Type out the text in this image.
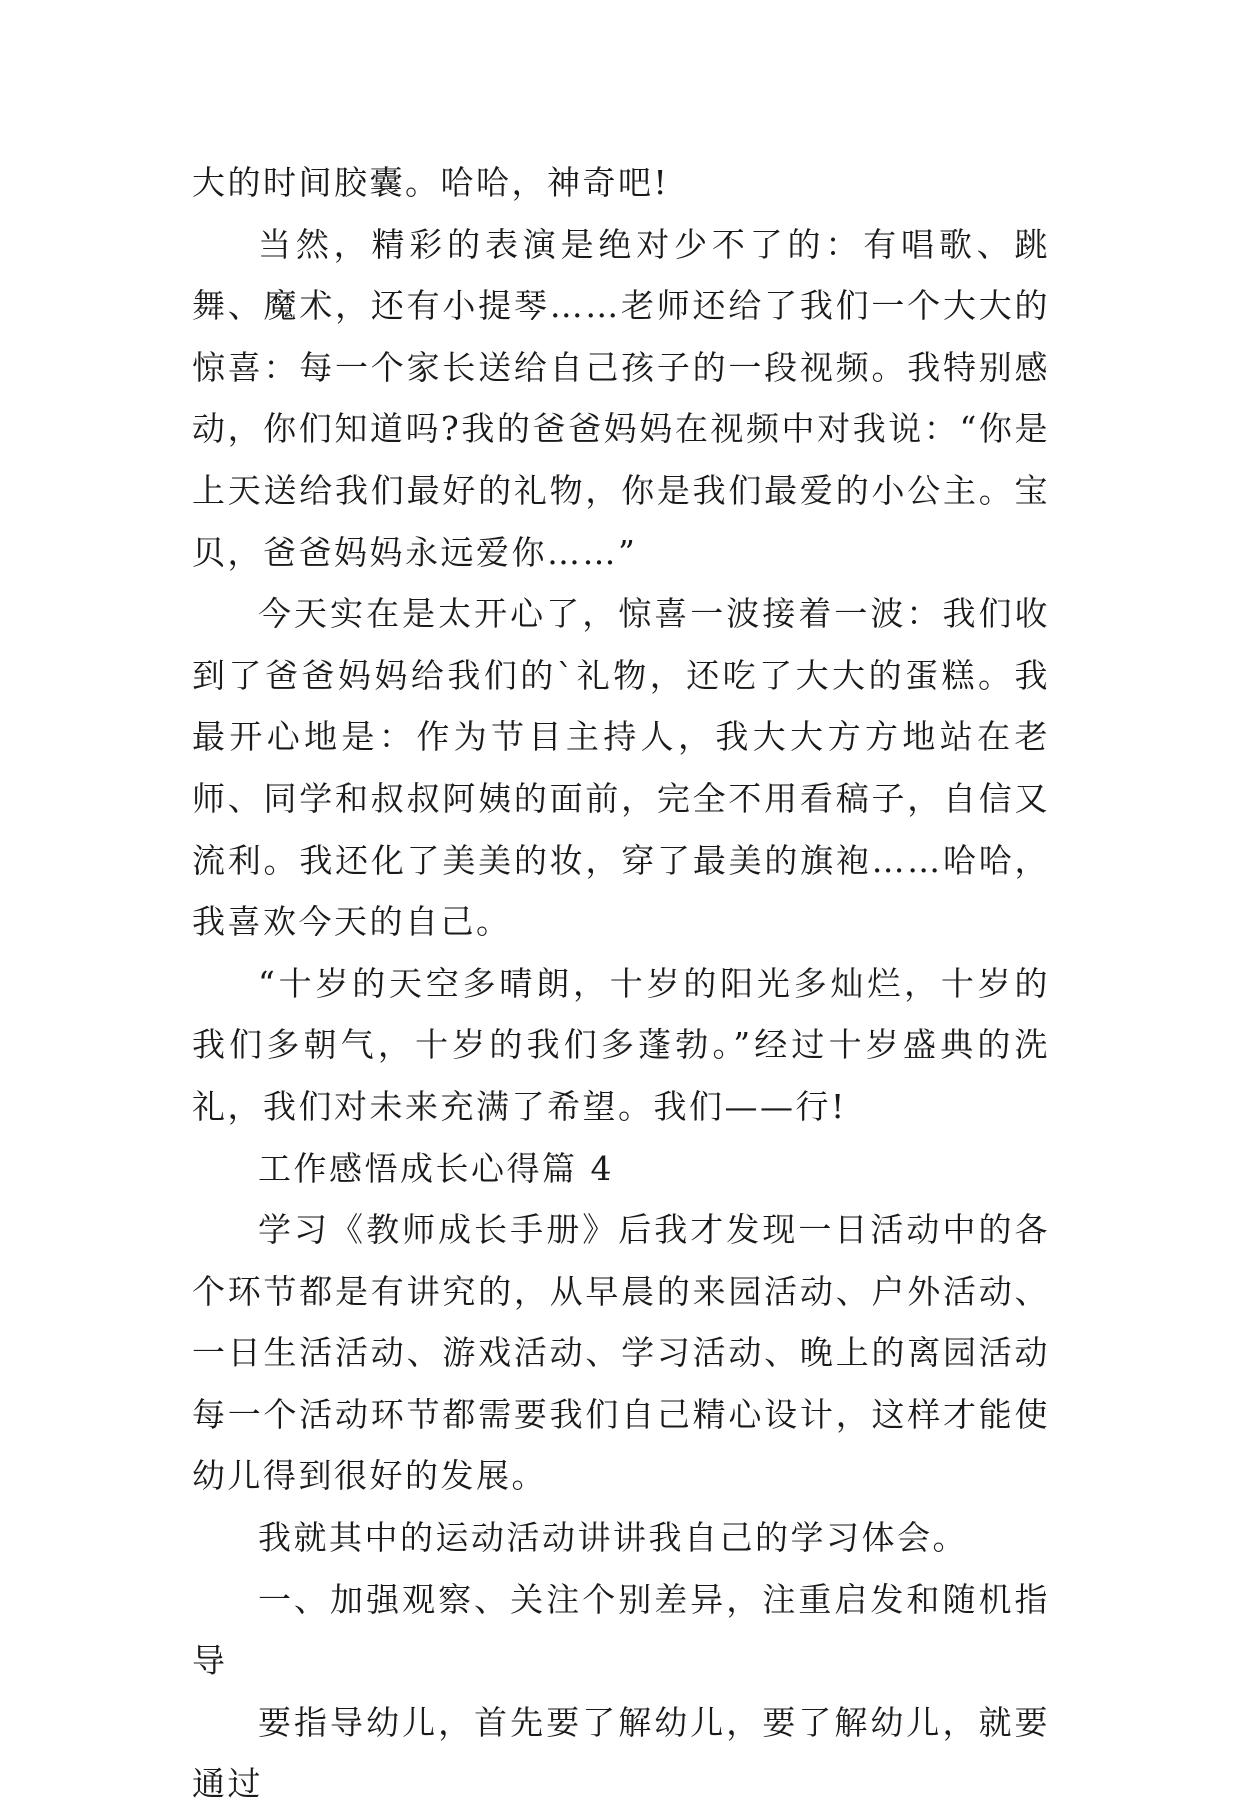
大的时间胶囊。哈哈，神奇吧!

当然，精彩的表演是绝对少不了的：有唱歌、跳舞、魔术，还有小提琴……老师还给了我们一个大大的惊喜：每一个家长送给自己孩子的一段视频。我特别感动，你们知道吗?我的爸爸妈妈在视频中对我说：“你是上天送给我们最好的礼物，你是我们最爱的小公主。宝贝，爸爸妈妈永远爱你……”

今天实在是太开心了，惊喜一波接着一波：我们收到了爸爸妈妈给我们的`礼物，还吃了大大的蛋糕。我最开心地是：作为节目主持人，我大大方方地站在老师、同学和叔叔阿姨的面前，完全不用看稿子，自信又流利。我还化了美美的妆，穿了最美的旗袍……哈哈，我喜欢今天的自己。

“十岁的天空多晴朗，十岁的阳光多灿烂，十岁的我们多朝气，十岁的我们多蓬勃。”经过十岁盛典的洗礼，我们对未来充满了希望。我们——行!

工作感悟成长心得篇 4

学习《教师成长手册》后我才发现一日活动中的各个环节都是有讲究的，从早晨的来园活动、户外活动、一日生活活动、游戏活动、学习活动、晚上的离园活动每一个活动环节都需要我们自己精心设计，这样才能使幼儿得到很好的发展。

我就其中的运动活动讲讲我自己的学习体会。

一、加强观察、关注个别差异，注重启发和随机指导

要指导幼儿，首先要了解幼儿，要了解幼儿，就要通过
